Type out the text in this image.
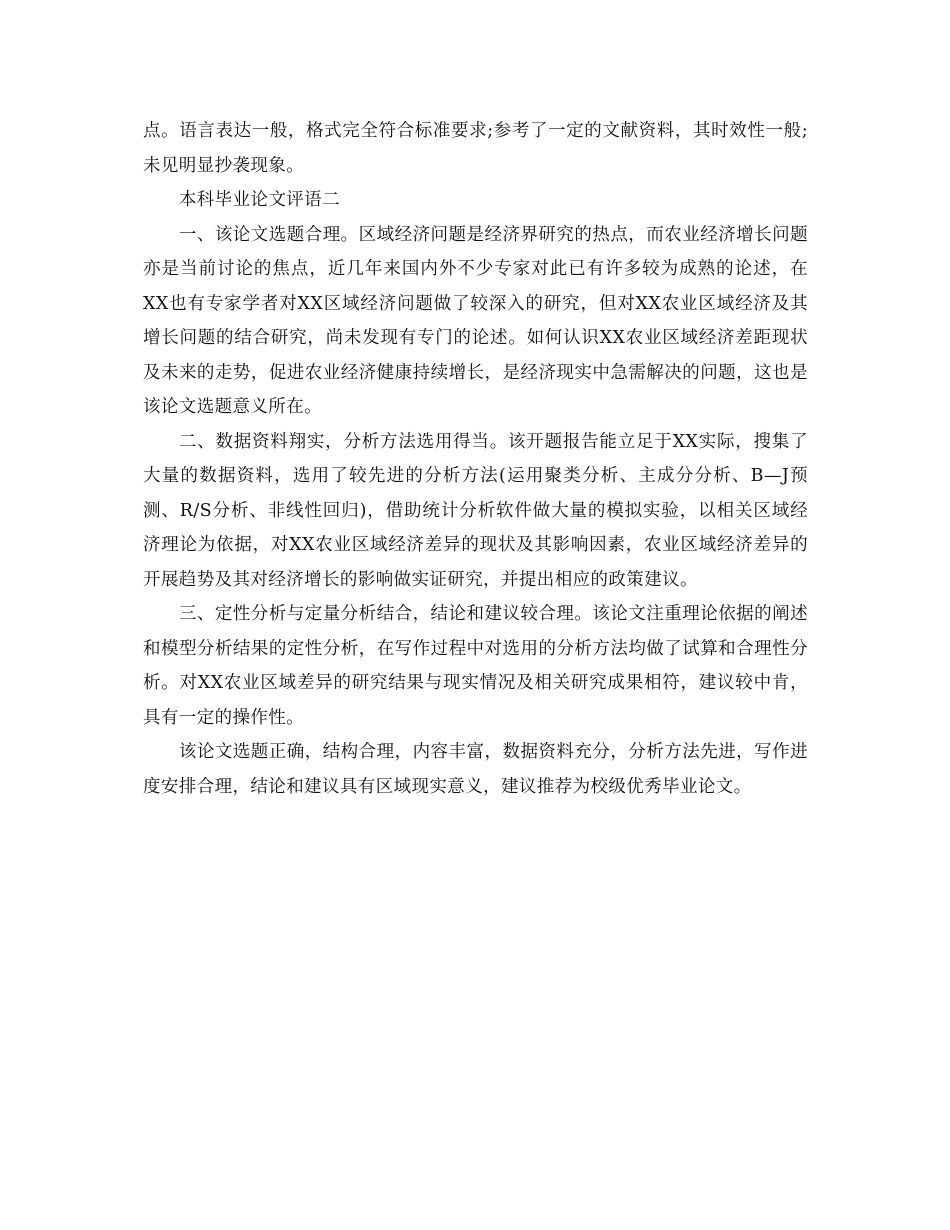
点。语言表达一般，格式完全符合标准要求;参考了一定的文献资料，其时效性一般;未见明显抄袭现象。

本科毕业论文评语二

一、该论文选题合理。区域经济问题是经济界研究的热点，而农业经济增长问题亦是当前讨论的焦点，近几年来国内外不少专家对此已有许多较为成熟的论述，在XX也有专家学者对XX区域经济问题做了较深入的研究，但对XX农业区域经济及其增长问题的结合研究，尚未发现有专门的论述。如何认识XX农业区域经济差距现状及未来的走势，促进农业经济健康持续增长，是经济现实中急需解决的问题，这也是该论文选题意义所在。

二、数据资料翔实，分析方法选用得当。该开题报告能立足于XX实际，搜集了大量的数据资料，选用了较先进的分析方法(运用聚类分析、主成分分析、B—J预测、R/S分析、非线性回归)，借助统计分析软件做大量的模拟实验，以相关区域经济理论为依据，对XX农业区域经济差异的现状及其影响因素，农业区域经济差异的开展趋势及其对经济增长的影响做实证研究，并提出相应的政策建议。

三、定性分析与定量分析结合，结论和建议较合理。该论文注重理论依据的阐述和模型分析结果的定性分析，在写作过程中对选用的分析方法均做了试算和合理性分析。对XX农业区域差异的研究结果与现实情况及相关研究成果相符，建议较中肯，具有一定的操作性。

该论文选题正确，结构合理，内容丰富，数据资料充分，分析方法先进，写作进度安排合理，结论和建议具有区域现实意义，建议推荐为校级优秀毕业论文。
